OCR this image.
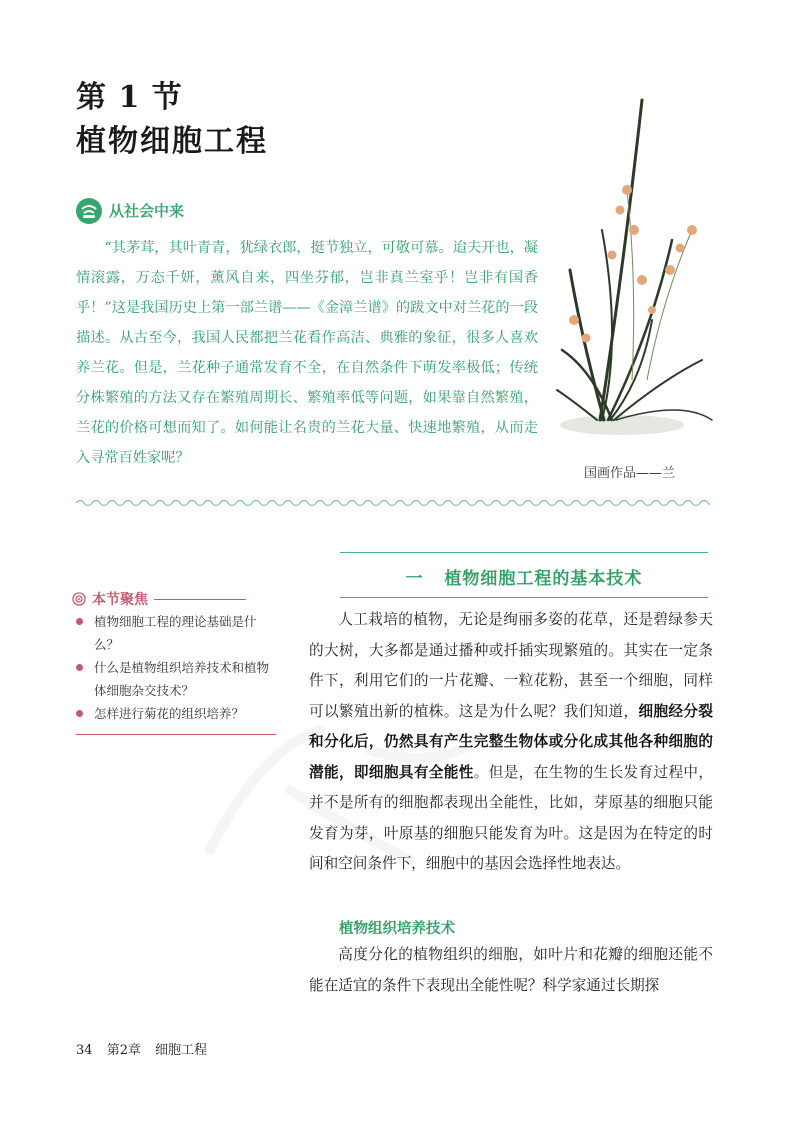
第 1 节
植物细胞工程
从社会中来

“其茅茸，其叶青青，犹绿衣郎，挺节独立，可敬可慕。迨夫开也，凝情滚露，万态千妍，薰风自来，四坐芬郁，岂非真兰室乎！岂非有国香乎！”这是我国历史上第一部兰谱——《金漳兰谱》的跋文中对兰花的一段描述。从古至今，我国人民都把兰花看作高洁、典雅的象征，很多人喜欢养兰花。但是，兰花种子通常发育不全，在自然条件下萌发率极低；传统分株繁殖的方法又存在繁殖周期长、繁殖率低等问题，如果靠自然繁殖，兰花的价格可想而知了。如何能让名贵的兰花大量、快速地繁殖，从而走入寻常百姓家呢？

国画作品——兰
一 植物细胞工程的基本技术
本节聚焦
植物细胞工程的理论基础是什么？
什么是植物组织培养技术和植物体细胞杂交技术？
怎样进行菊花的组织培养？

人工栽培的植物，无论是绚丽多姿的花草，还是碧绿参天的大树，大多都是通过播种或扦插实现繁殖的。其实在一定条件下，利用它们的一片花瓣、一粒花粉，甚至一个细胞，同样可以繁殖出新的植株。这是为什么呢？我们知道，细胞经分裂和分化后，仍然具有产生完整生物体或分化成其他各种细胞的潜能，即细胞具有全能性。但是，在生物的生长发育过程中，并不是所有的细胞都表现出全能性，比如，芽原基的细胞只能发育为芽，叶原基的细胞只能发育为叶。这是因为在特定的时间和空间条件下，细胞中的基因会选择性地表达。

植物组织培养技术

高度分化的植物组织的细胞，如叶片和花瓣的细胞还能不能在适宜的条件下表现出全能性呢？科学家通过长期探

34 第2章 细胞工程
